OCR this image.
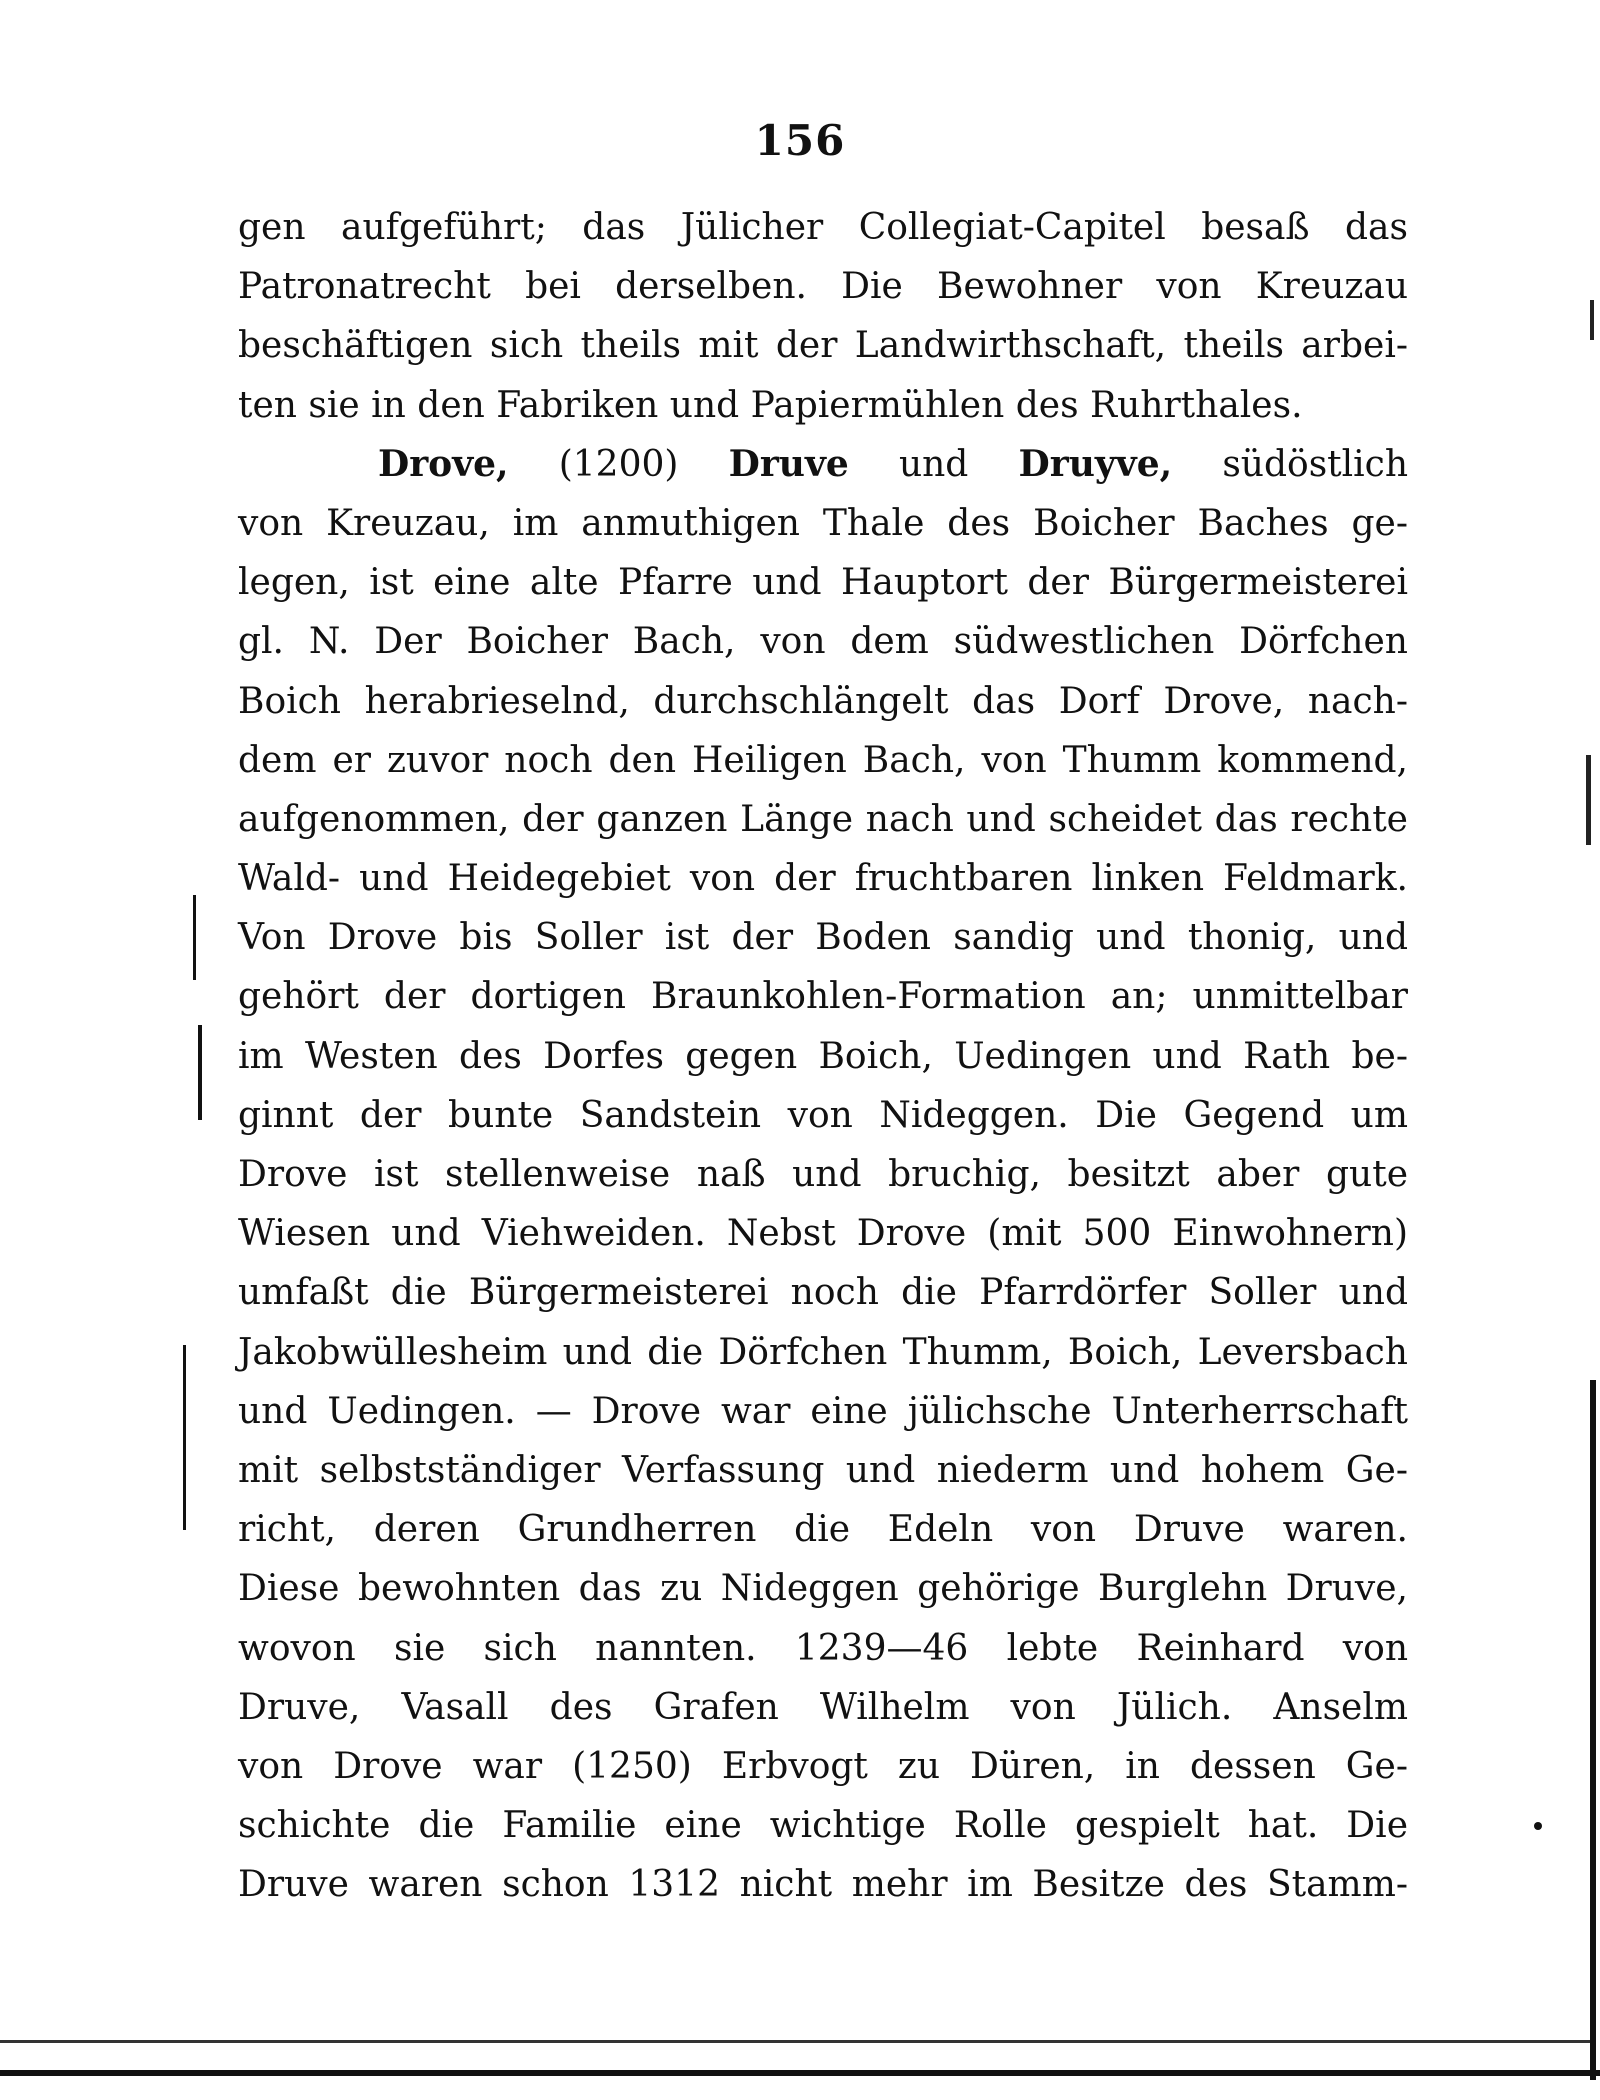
156
gen aufgeführt; das Jülicher Collegiat-Capitel besaß das
Patronatrecht bei derselben. Die Bewohner von Kreuzau
beschäftigen sich theils mit der Landwirthschaft, theils arbei-
ten sie in den Fabriken und Papiermühlen des Ruhrthales.
Drove, (1200) Druve und Druyve, südöstlich
von Kreuzau, im anmuthigen Thale des Boicher Baches ge-
legen, ist eine alte Pfarre und Hauptort der Bürgermeisterei
gl. N. Der Boicher Bach, von dem südwestlichen Dörfchen
Boich herabrieselnd, durchschlängelt das Dorf Drove, nach-
dem er zuvor noch den Heiligen Bach, von Thumm kommend,
aufgenommen, der ganzen Länge nach und scheidet das rechte
Wald- und Heidegebiet von der fruchtbaren linken Feldmark.
Von Drove bis Soller ist der Boden sandig und thonig, und
gehört der dortigen Braunkohlen-Formation an; unmittelbar
im Westen des Dorfes gegen Boich, Uedingen und Rath be-
ginnt der bunte Sandstein von Nideggen. Die Gegend um
Drove ist stellenweise naß und bruchig, besitzt aber gute
Wiesen und Viehweiden. Nebst Drove (mit 500 Einwohnern)
umfaßt die Bürgermeisterei noch die Pfarrdörfer Soller und
Jakobwüllesheim und die Dörfchen Thumm, Boich, Leversbach
und Uedingen. — Drove war eine jülichsche Unterherrschaft
mit selbstständiger Verfassung und niederm und hohem Ge-
richt, deren Grundherren die Edeln von Druve waren.
Diese bewohnten das zu Nideggen gehörige Burglehn Druve,
wovon sie sich nannten. 1239—46 lebte Reinhard von
Druve, Vasall des Grafen Wilhelm von Jülich. Anselm
von Drove war (1250) Erbvogt zu Düren, in dessen Ge-
schichte die Familie eine wichtige Rolle gespielt hat. Die
Druve waren schon 1312 nicht mehr im Besitze des Stamm-
